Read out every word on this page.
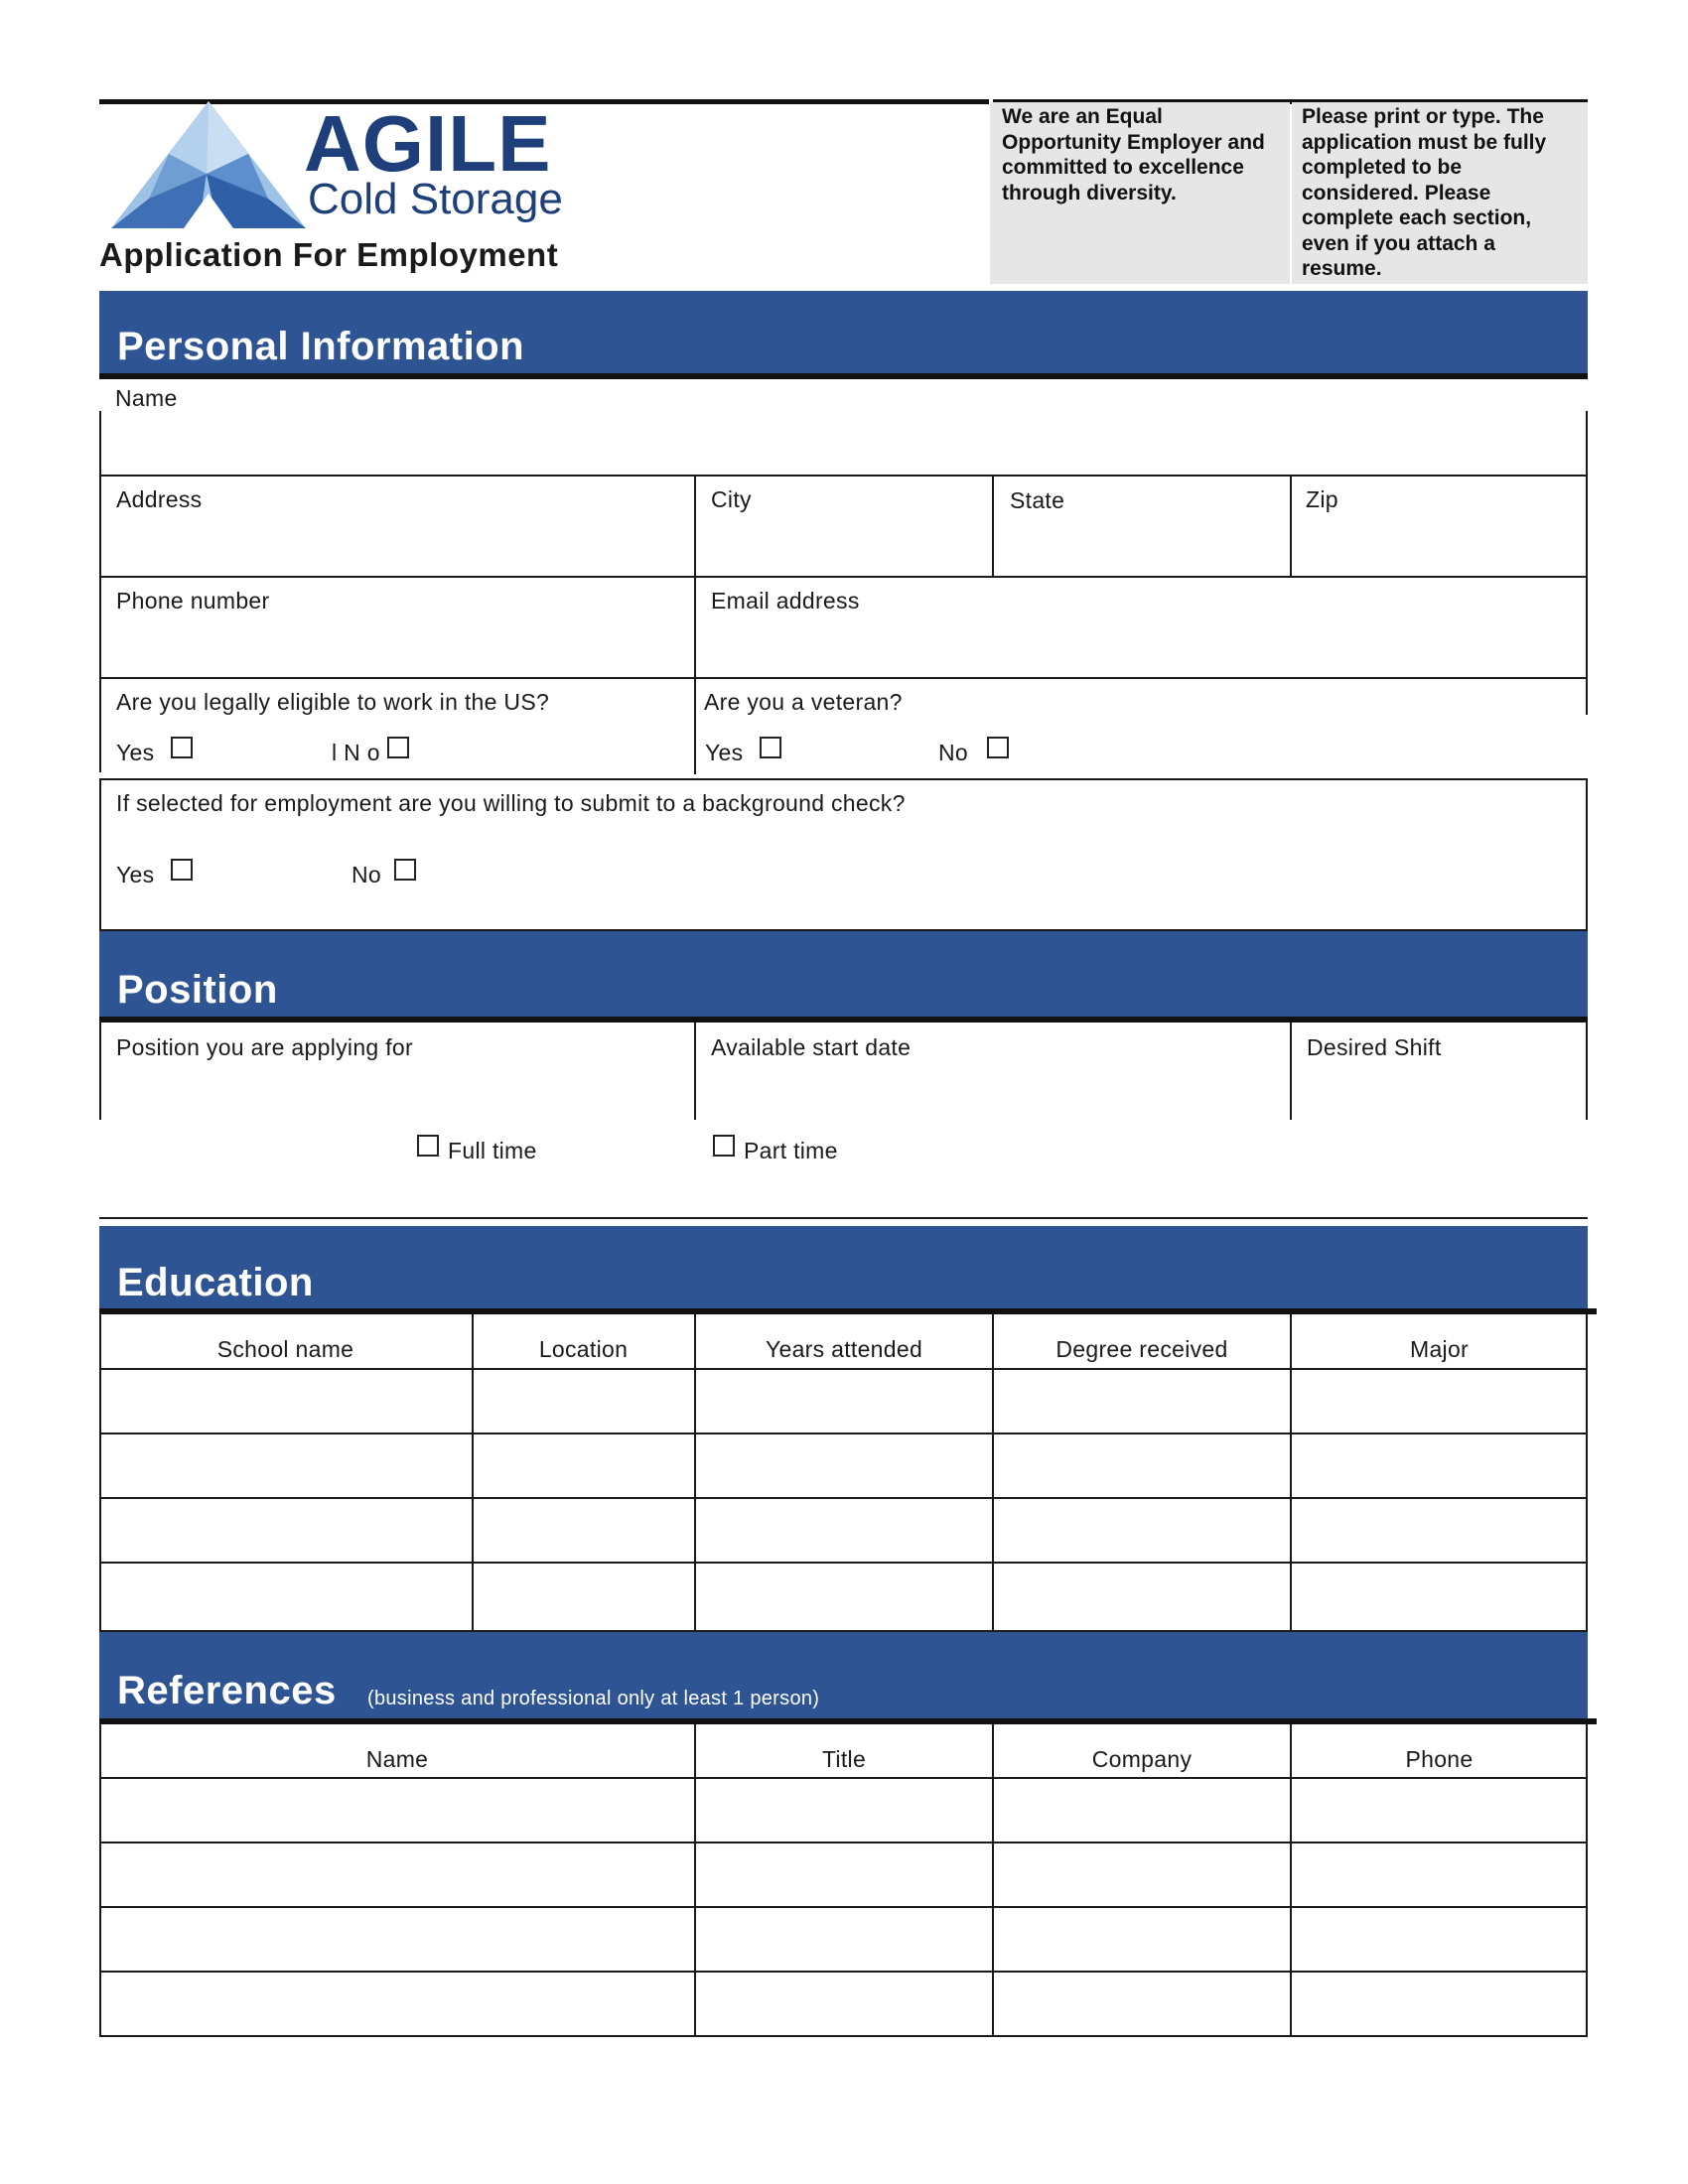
AGILE
Cold Storage
Application For Employment
We are an Equal Opportunity Employer and committed to excellence through diversity.
Please print or type. The application must be fully completed to be considered. Please complete each section, even if you attach a resume.
Personal Information
Name
Address	City	State	Zip
Phone number	Email address
Are you legally eligible to work in the US?
Yes	l N o
Are you a veteran?
Yes	No
If selected for employment are you willing to submit to a background check?
Yes	No
Position
Position you are applying for	Available start date	Desired Shift
Full time	Part time
Education
School name	Location	Years attended	Degree received	Major
References (business and professional only at least 1 person)
Name	Title	Company	Phone
